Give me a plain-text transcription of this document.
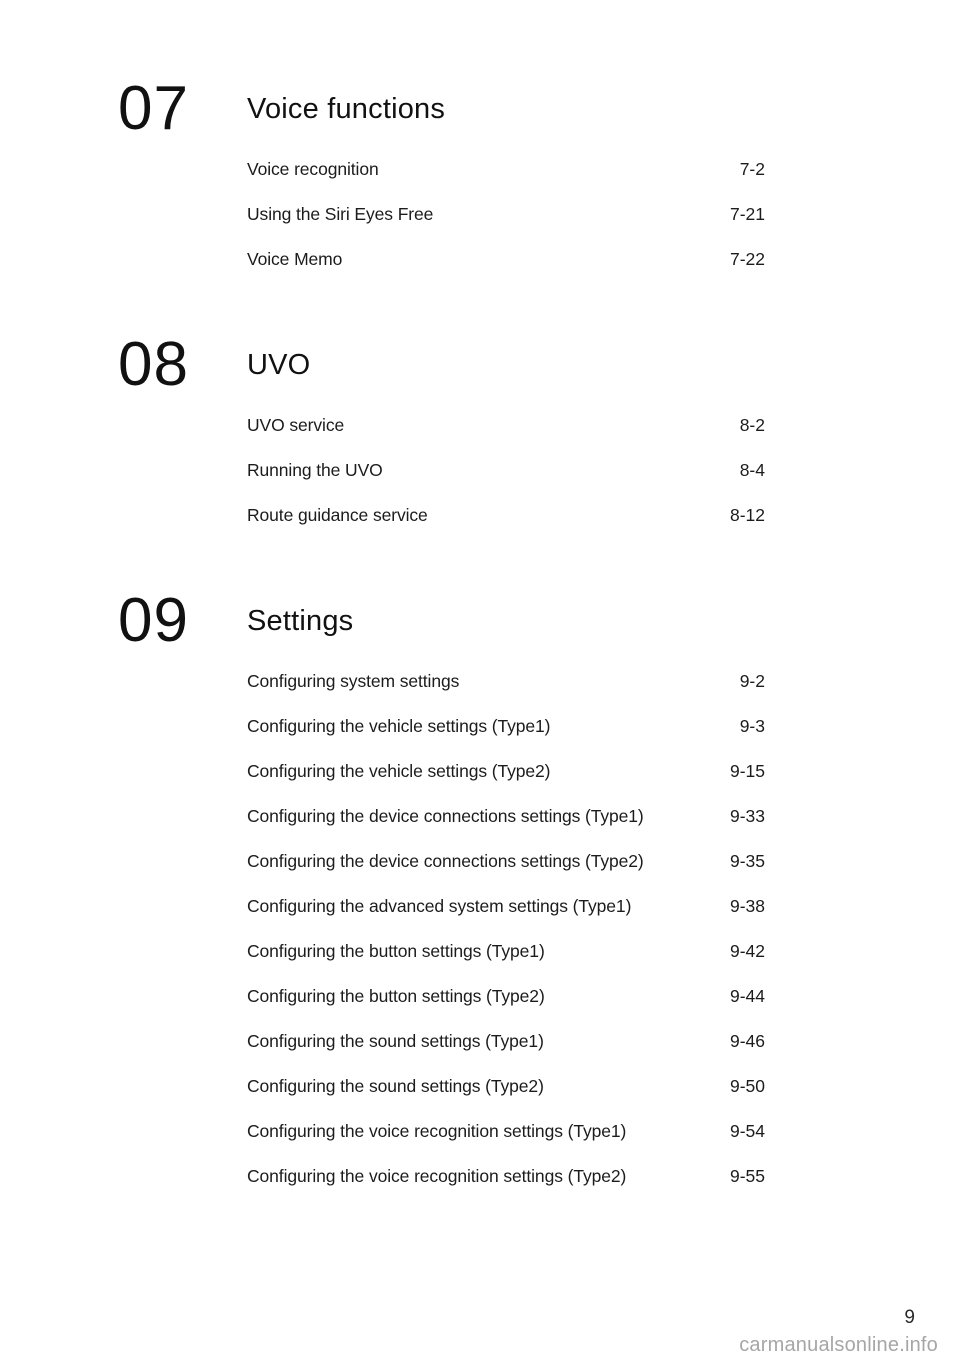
07	Voice functions
Voice recognition	7-2
Using the Siri Eyes Free	7-21
Voice Memo	7-22
08	UVO
UVO service	8-2
Running the UVO	8-4
Route guidance service	8-12
09	Settings
Configuring system settings	9-2
Configuring the vehicle settings (Type1)	9-3
Configuring the vehicle settings (Type2)	9-15
Configuring the device connections settings (Type1)	9-33
Configuring the device connections settings (Type2)	9-35
Configuring the advanced system settings (Type1)	9-38
Configuring the button settings (Type1)	9-42
Configuring the button settings (Type2)	9-44
Configuring the sound settings (Type1)	9-46
Configuring the sound settings (Type2)	9-50
Configuring the voice recognition settings (Type1)	9-54
Configuring the voice recognition settings (Type2)	9-55
9
carmanualsonline.info
